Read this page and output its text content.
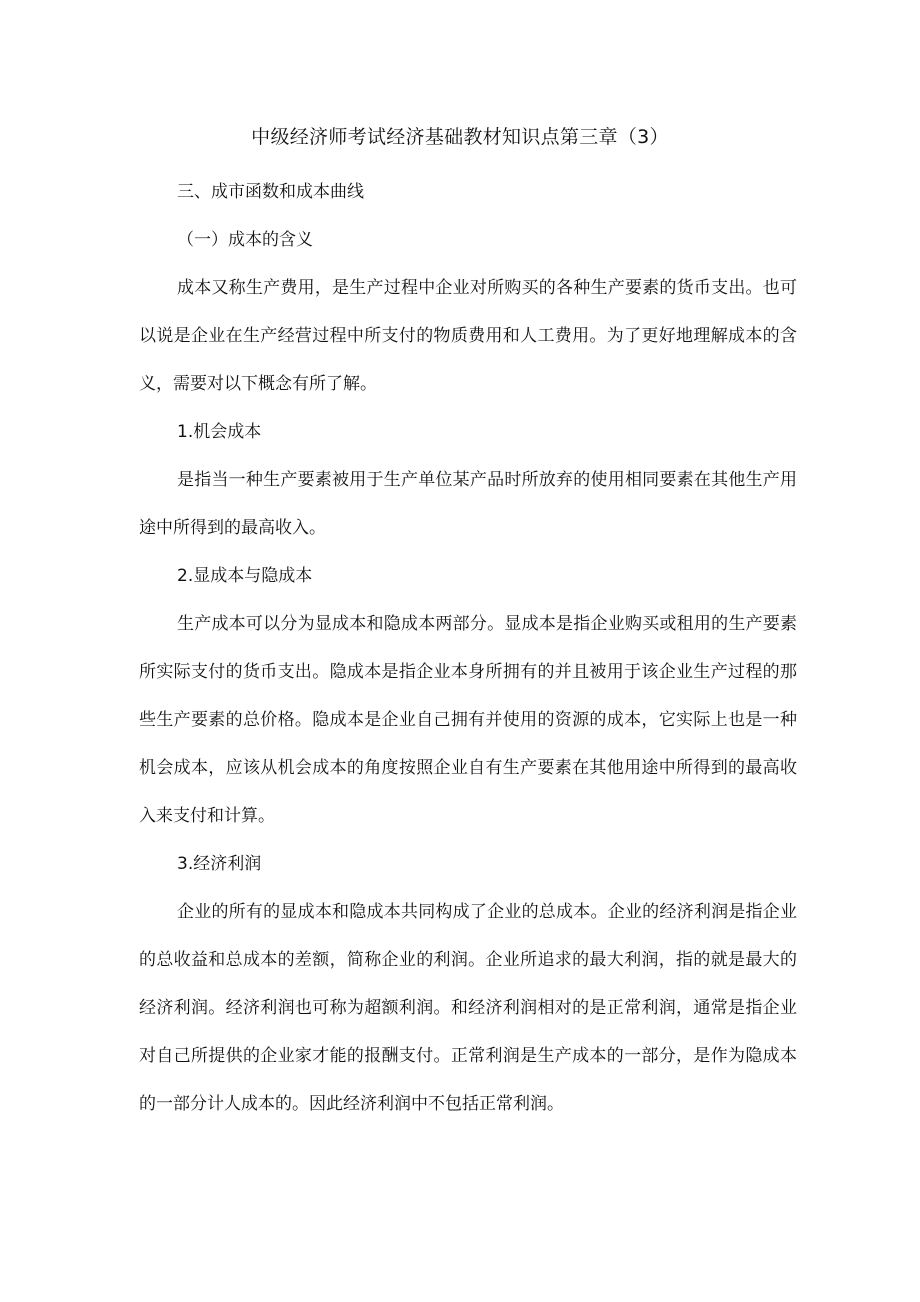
中级经济师考试经济基础教材知识点第三章（3）

三、成市函数和成本曲线

（一）成本的含义

成本又称生产费用，是生产过程中企业对所购买的各种生产要素的货币支出。也可以说是企业在生产经营过程中所支付的物质费用和人工费用。为了更好地理解成本的含义，需要对以下概念有所了解。

1.机会成本

是指当一种生产要素被用于生产单位某产品时所放弃的使用相同要素在其他生产用途中所得到的最高收入。

2.显成本与隐成本

生产成本可以分为显成本和隐成本两部分。显成本是指企业购买或租用的生产要素所实际支付的货币支出。隐成本是指企业本身所拥有的并且被用于该企业生产过程的那些生产要素的总价格。隐成本是企业自己拥有并使用的资源的成本，它实际上也是一种机会成本，应该从机会成本的角度按照企业自有生产要素在其他用途中所得到的最高收入来支付和计算。

3.经济利润

企业的所有的显成本和隐成本共同构成了企业的总成本。企业的经济利润是指企业的总收益和总成本的差额，简称企业的利润。企业所追求的最大利润，指的就是最大的经济利润。经济利润也可称为超额利润。和经济利润相对的是正常利润，通常是指企业对自己所提供的企业家才能的报酬支付。正常利润是生产成本的一部分，是作为隐成本的一部分计人成本的。因此经济利润中不包括正常利润。
